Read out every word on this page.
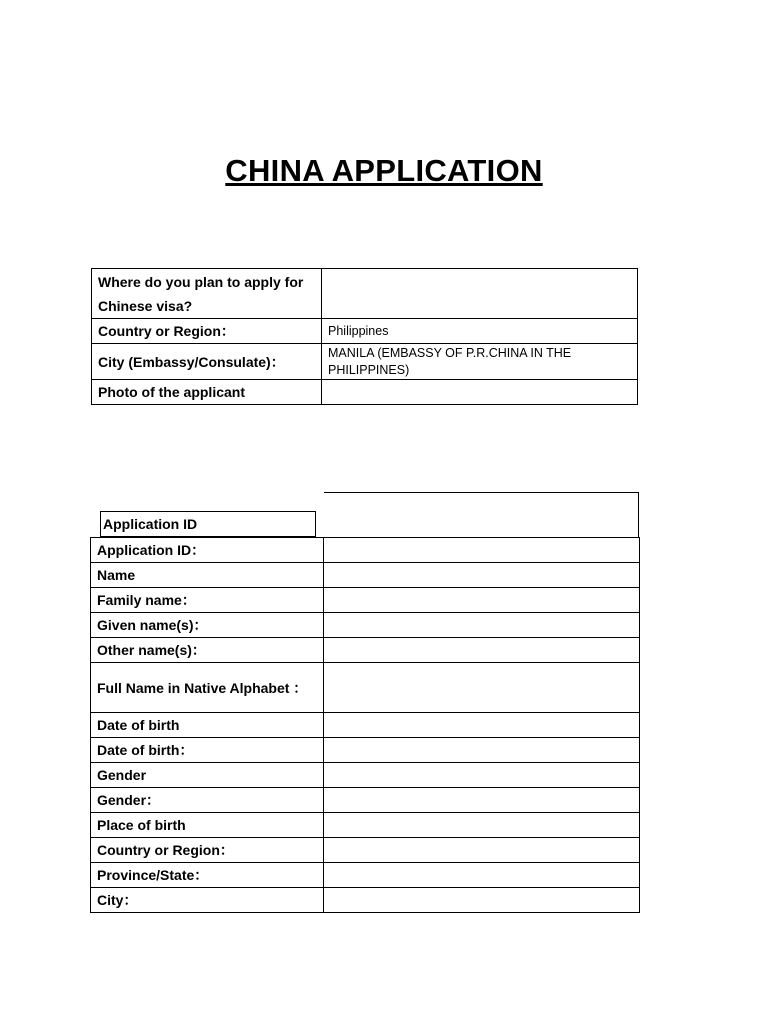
CHINA APPLICATION
Where do you plan to apply for Chinese visa?	
Country or Region：	Philippines
City (Embassy/Consulate)：	MANILA (EMBASSY OF P.R.CHINA IN THE PHILIPPINES)
Photo of the applicant	
Application ID
Application ID：	
Name	
Family name：	
Given name(s)：	
Other name(s)：	
Full Name in Native Alphabet ：	
Date of birth	
Date of birth：	
Gender	
Gender：	
Place of birth	
Country or Region：	
Province/State：	
City：	
